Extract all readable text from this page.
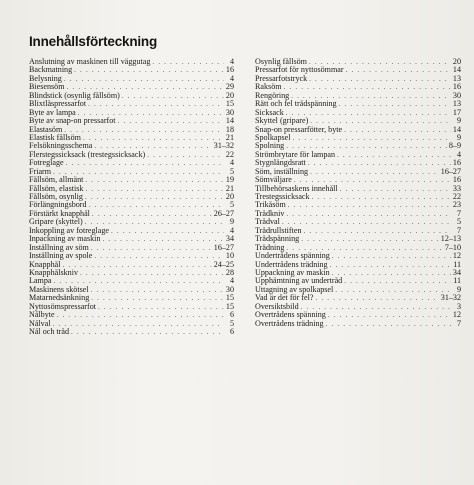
Innehållsförteckning
Anslutning av maskinen till väggutag . . .	4
Backmatning . . .	16
Belysning . . .	4
Biesensöm . . .	29
Blindstick (osynlig fållsöm) . . .	20
Blixtlåspressarfot . . .	15
Byte av lampa . . .	30
Byte av snap-on pressarfot . . .	14
Elastasöm . . .	18
Elastisk fållsöm . . .	21
Felsökningsschema . . .	31–32
Flerstegssicksack (trestegssicksack) . . .	22
Fotreglage . . .	4
Friarm . . .	5
Fållsöm, allmänt . . .	19
Fållsöm, elastisk . . .	21
Fållsöm, osynlig . . .	20
Förlängningsbord . . .	5
Förstärkt knapphål . . .	26–27
Gripare (skyttel) . . .	9
Inkoppling av fotreglage . . .	4
Inpackning av maskin . . .	34
Inställning av söm . . .	16–27
Inställning av spole . . .	10
Knapphål . . .	24–25
Knapphålskniv . . .	28
Lampa . . .	4
Maskinens skötsel . . .	30
Matarnedsänkning . . .	15
Nyttosömspressarfot . . .	15
Nålbyte . . .	6
Nålval . . .	5
Nål och tråd . . .	6
Osynlig fållsöm . . .	20
Pressarfot för nyttosömmar . . .	14
Pressarfotstryck . . .	13
Raksöm . . .	16
Rengöring . . .	30
Rätt och fel trådspänning . . .	13
Sicksack . . .	17
Skyttel (gripare) . . .	9
Snap-on pressarfötter, byte . . .	14
Spolkapsel . . .	9
Spolning . . .	8–9
Strömbrytare för lampan . . .	4
Stygnlängdsratt . . .	16
Söm, inställning . . .	16–27
Sömväljare . . .	16
Tillbehörsaskens innehåll . . .	33
Trestegssicksack . . .	22
Trikåsöm . . .	23
Trådkniv . . .	7
Trådval . . .	5
Trådrullstiften . . .	7
Trådspänning . . .	12–13
Trädning . . .	7–10
Undertrådens spänning . . .	12
Undertrådens trädning . . .	11
Uppackning av maskin . . .	34
Upphämtning av undertråd . . .	11
Uttagning av spolkapsel . . .	9
Vad är det för fel? . . .	31–32
Översiktsbild . . .	3
Övertrådens spänning . . .	12
Övertrådens trädning . . .	7
